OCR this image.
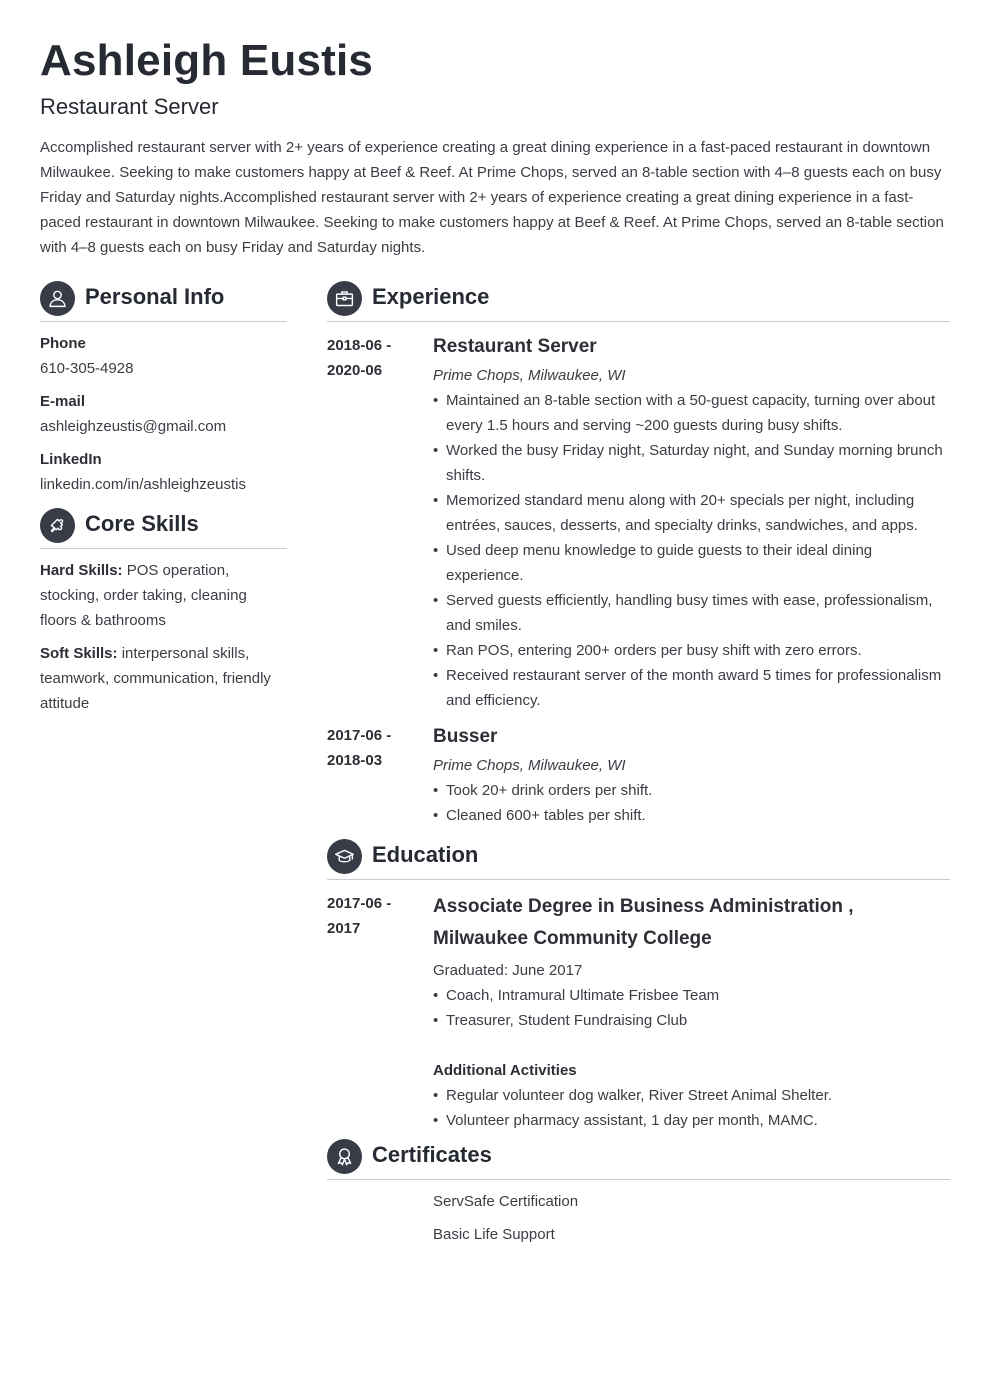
Ashleigh Eustis
Restaurant Server
Accomplished restaurant server with 2+ years of experience creating a great dining experience in a fast-paced restaurant in downtown Milwaukee. Seeking to make customers happy at Beef & Reef. At Prime Chops, served an 8-table section with 4–8 guests each on busy Friday and Saturday nights.Accomplished restaurant server with 2+ years of experience creating a great dining experience in a fast-paced restaurant in downtown Milwaukee. Seeking to make customers happy at Beef & Reef. At Prime Chops, served an 8-table section with 4–8 guests each on busy Friday and Saturday nights.
Personal Info
Phone
610-305-4928
E-mail
ashleighzeustis@gmail.com
LinkedIn
linkedin.com/in/ashleighzeustis
Core Skills
Hard Skills: POS operation, stocking, order taking, cleaning floors & bathrooms
Soft Skills: interpersonal skills, teamwork, communication, friendly attitude
Experience
2018-06 -
2020-06
Restaurant Server
Prime Chops, Milwaukee, WI
• Maintained an 8-table section with a 50-guest capacity, turning over about every 1.5 hours and serving ~200 guests during busy shifts.
• Worked the busy Friday night, Saturday night, and Sunday morning brunch shifts.
• Memorized standard menu along with 20+ specials per night, including entrées, sauces, desserts, and specialty drinks, sandwiches, and apps.
• Used deep menu knowledge to guide guests to their ideal dining experience.
• Served guests efficiently, handling busy times with ease, professionalism, and smiles.
• Ran POS, entering 200+ orders per busy shift with zero errors.
• Received restaurant server of the month award 5 times for professionalism and efficiency.
2017-06 -
2018-03
Busser
Prime Chops, Milwaukee, WI
• Took 20+ drink orders per shift.
• Cleaned 600+ tables per shift.
Education
2017-06 -
2017
Associate Degree in Business Administration ,
Milwaukee Community College
Graduated: June 2017
• Coach, Intramural Ultimate Frisbee Team
• Treasurer, Student Fundraising Club
Additional Activities
• Regular volunteer dog walker, River Street Animal Shelter.
• Volunteer pharmacy assistant, 1 day per month, MAMC.
Certificates
ServSafe Certification
Basic Life Support
